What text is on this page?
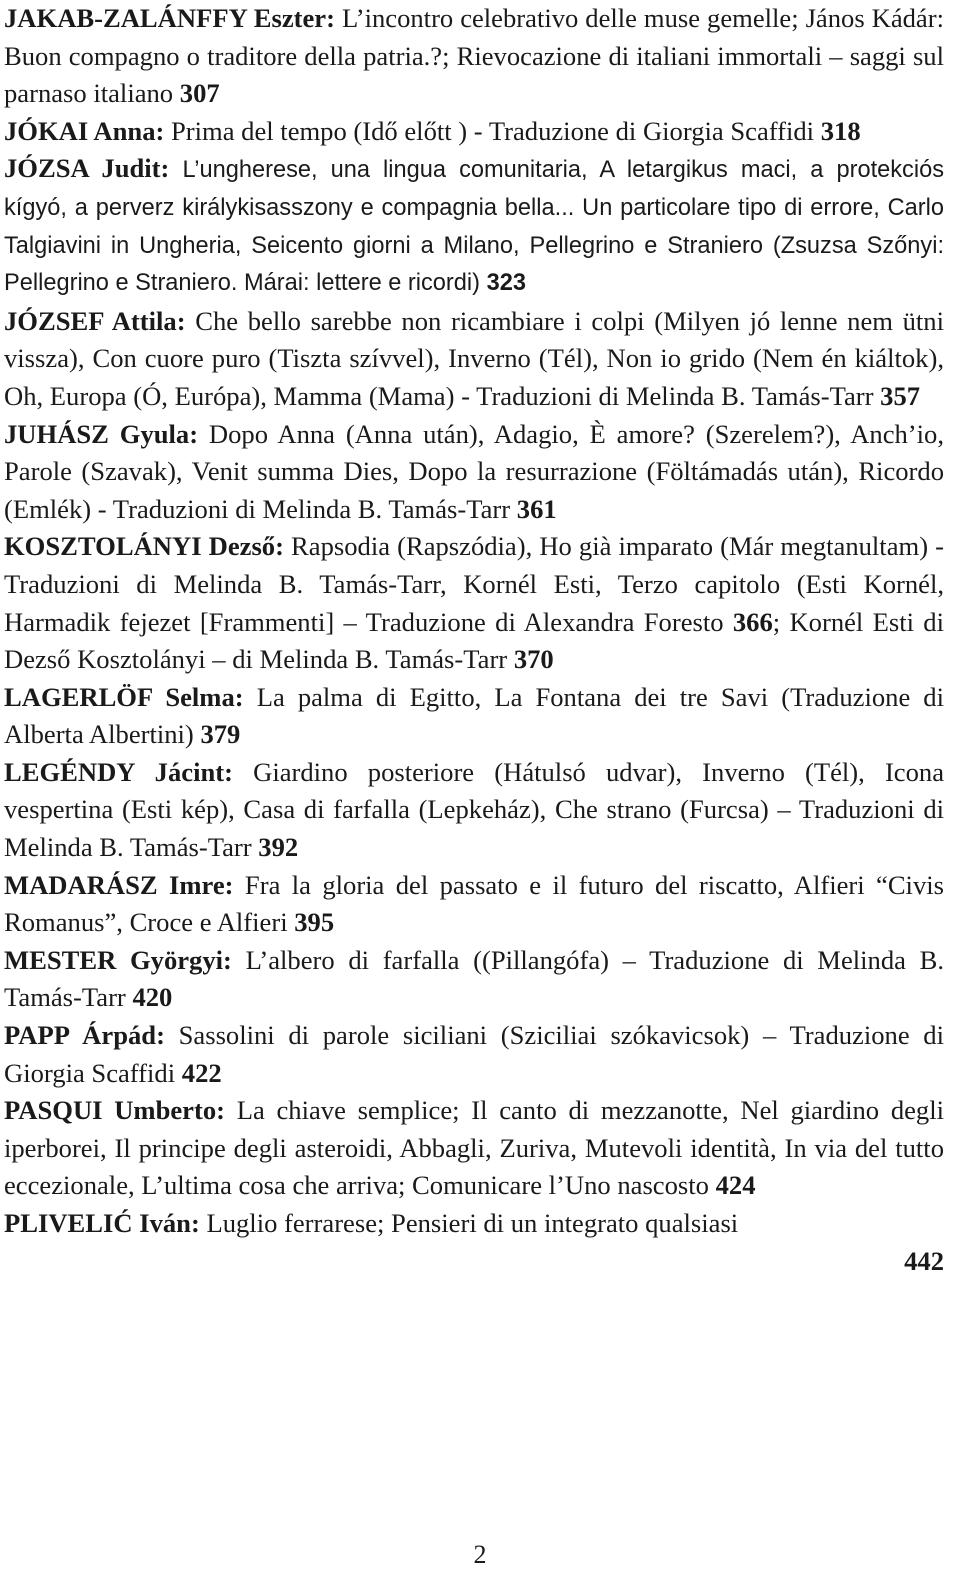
JAKAB-ZALÁNFFY Eszter: L’incontro celebrativo delle muse gemelle; János Kádár: Buon compagno o traditore della patria.?; Rievocazione di italiani immortali – saggi sul parnaso italiano 307

JÓKAI Anna: Prima del tempo (Idő előtt ) - Traduzione di Giorgia Scaffidi 318

JÓZSA Judit: L’ungherese, una lingua comunitaria, A letargikus maci, a protekciós kígyó, a perverz királykisasszony e compagnia bella... Un particolare tipo di errore, Carlo Talgiavini in Ungheria, Seicento giorni a Milano, Pellegrino e Straniero (Zsuzsa Szőnyi: Pellegrino e Straniero. Márai: lettere e ricordi) 323

JÓZSEF Attila: Che bello sarebbe non ricambiare i colpi (Milyen jó lenne nem ütni vissza), Con cuore puro (Tiszta szívvel), Inverno (Tél), Non io grido (Nem én kiáltok), Oh, Europa (Ó, Európa), Mamma (Mama) - Traduzioni di Melinda B. Tamás-Tarr 357

JUHÁSZ Gyula: Dopo Anna (Anna után), Adagio, È amore? (Szerelem?), Anch’io, Parole (Szavak), Venit summa Dies, Dopo la resurrazione (Föltámadás után), Ricordo (Emlék) - Traduzioni di Melinda B. Tamás-Tarr 361

KOSZTOLÁNYI Dezső: Rapsodia (Rapszódia), Ho già imparato (Már megtanultam) - Traduzioni di Melinda B. Tamás-Tarr, Kornél Esti, Terzo capitolo (Esti Kornél, Harmadik fejezet [Frammenti] – Traduzione di Alexandra Foresto 366; Kornél Esti di Dezső Kosztolányi – di Melinda B. Tamás-Tarr 370

LAGERLÖF Selma: La palma di Egitto, La Fontana dei tre Savi (Traduzione di Alberta Albertini) 379

LEGÉNDY Jácint: Giardino posteriore (Hátulsó udvar), Inverno (Tél), Icona vespertina (Esti kép), Casa di farfalla (Lepkeház), Che strano (Furcsa) – Traduzioni di Melinda B. Tamás-Tarr 392

MADARÁSZ Imre: Fra la gloria del passato e il futuro del riscatto, Alfieri “Civis Romanus”, Croce e Alfieri 395

MESTER Györgyi: L’albero di farfalla ((Pillangófa) – Traduzione di Melinda B. Tamás-Tarr 420

PAPP Árpád: Sassolini di parole siciliani (Sziciliai szókavicsok) – Traduzione di Giorgia Scaffidi 422

PASQUI Umberto: La chiave semplice; Il canto di mezzanotte, Nel giardino degli iperborei, Il principe degli asteroidi, Abbagli, Zuriva, Mutevoli identità, In via del tutto eccezionale, L’ultima cosa che arriva; Comunicare l’Uno nascosto 424

PLIVELIĆ Iván: Luglio ferrarese; Pensieri di un integrato qualsiasi
442

2
